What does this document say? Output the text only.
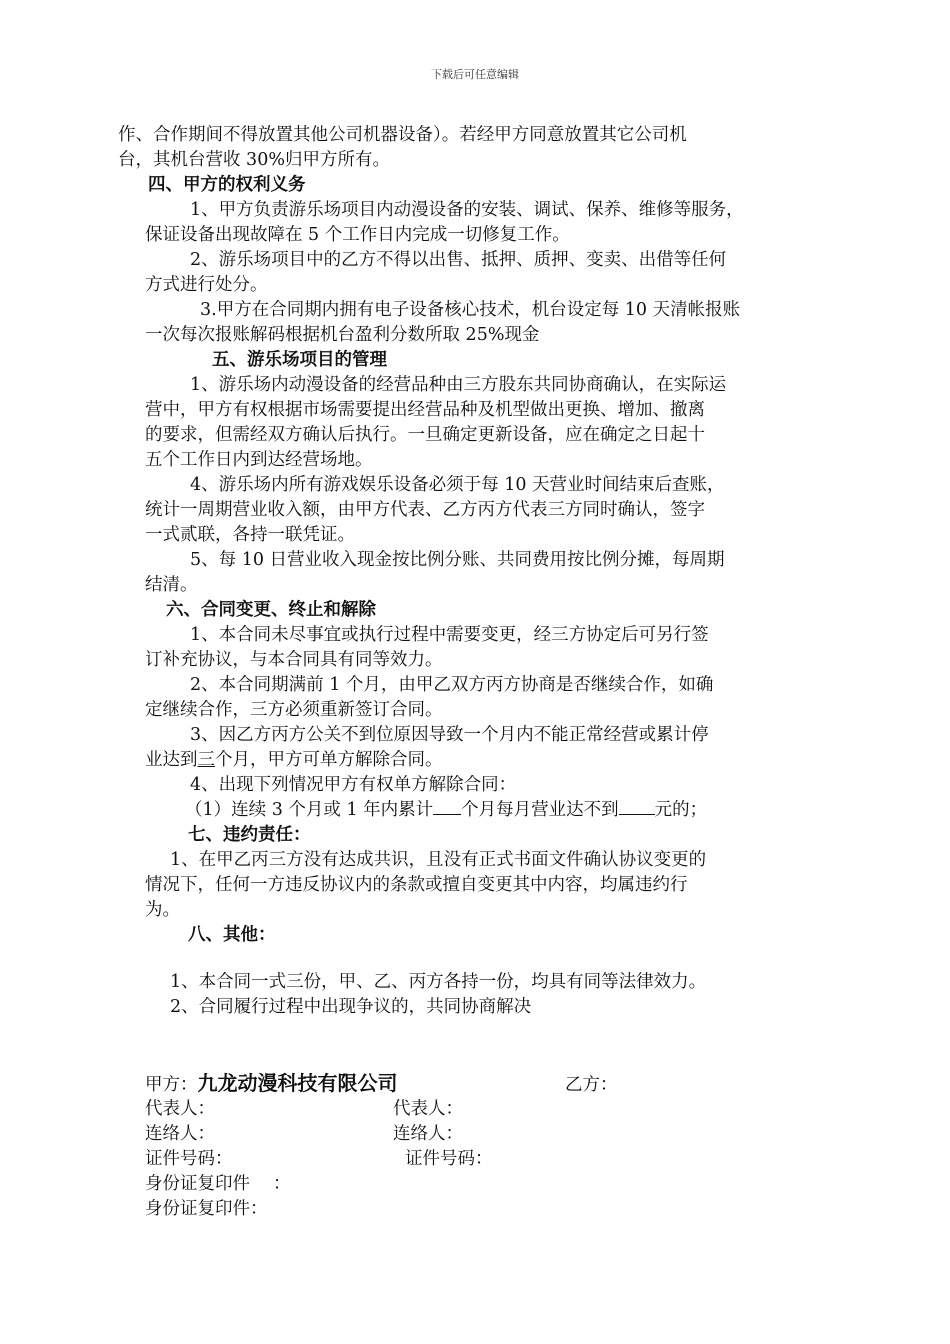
下载后可任意编辑
作、合作期间不得放置其他公司机器设备）。若经甲方同意放置其它公司机
台，其机台营收 30%归甲方所有。
四、甲方的权利义务
1、甲方负责游乐场项目内动漫设备的安装、调试、保养、维修等服务，
保证设备出现故障在 5 个工作日内完成一切修复工作。
2、游乐场项目中的乙方不得以出售、抵押、质押、变卖、出借等任何
方式进行处分。
3.甲方在合同期内拥有电子设备核心技术，机台设定每 10 天清帐报账
一次每次报账解码根据机台盈利分数所取 25%现金
五、游乐场项目的管理
1、游乐场内动漫设备的经营品种由三方股东共同协商确认，在实际运
营中，甲方有权根据市场需要提出经营品种及机型做出更换、增加、撤离
的要求，但需经双方确认后执行。一旦确定更新设备，应在确定之日起十
五个工作日内到达经营场地。
4、游乐场内所有游戏娱乐设备必须于每 10 天营业时间结束后查账，
统计一周期营业收入额，由甲方代表、乙方丙方代表三方同时确认，签字
一式贰联，各持一联凭证。
5、每 10 日营业收入现金按比例分账、共同费用按比例分摊，每周期
结清。
六、合同变更、终止和解除
1、本合同未尽事宜或执行过程中需要变更，经三方协定后可另行签
订补充协议，与本合同具有同等效力。
2、本合同期满前 1 个月，由甲乙双方丙方协商是否继续合作，如确
定继续合作，三方必须重新签订合同。
3、因乙方丙方公关不到位原因导致一个月内不能正常经营或累计停
业达到三个月，甲方可单方解除合同。
4、出现下列情况甲方有权单方解除合同：
（1）连续 3 个月或 1 年内累计 个月每月营业达不到 元的；
七、违约责任：
1、在甲乙丙三方没有达成共识，且没有正式书面文件确认协议变更的
情况下，任何一方违反协议内的条款或擅自变更其中内容，均属违约行
为。
八、其他：
1、本合同一式三份，甲、乙、丙方各持一份，均具有同等法律效力。
2、合同履行过程中出现争议的，共同协商解决
甲方：九龙动漫科技有限公司	乙方：
代表人：	代表人：
连络人：	连络人：
证件号码：	证件号码：
身份证复印件　 ：
身份证复印件：
